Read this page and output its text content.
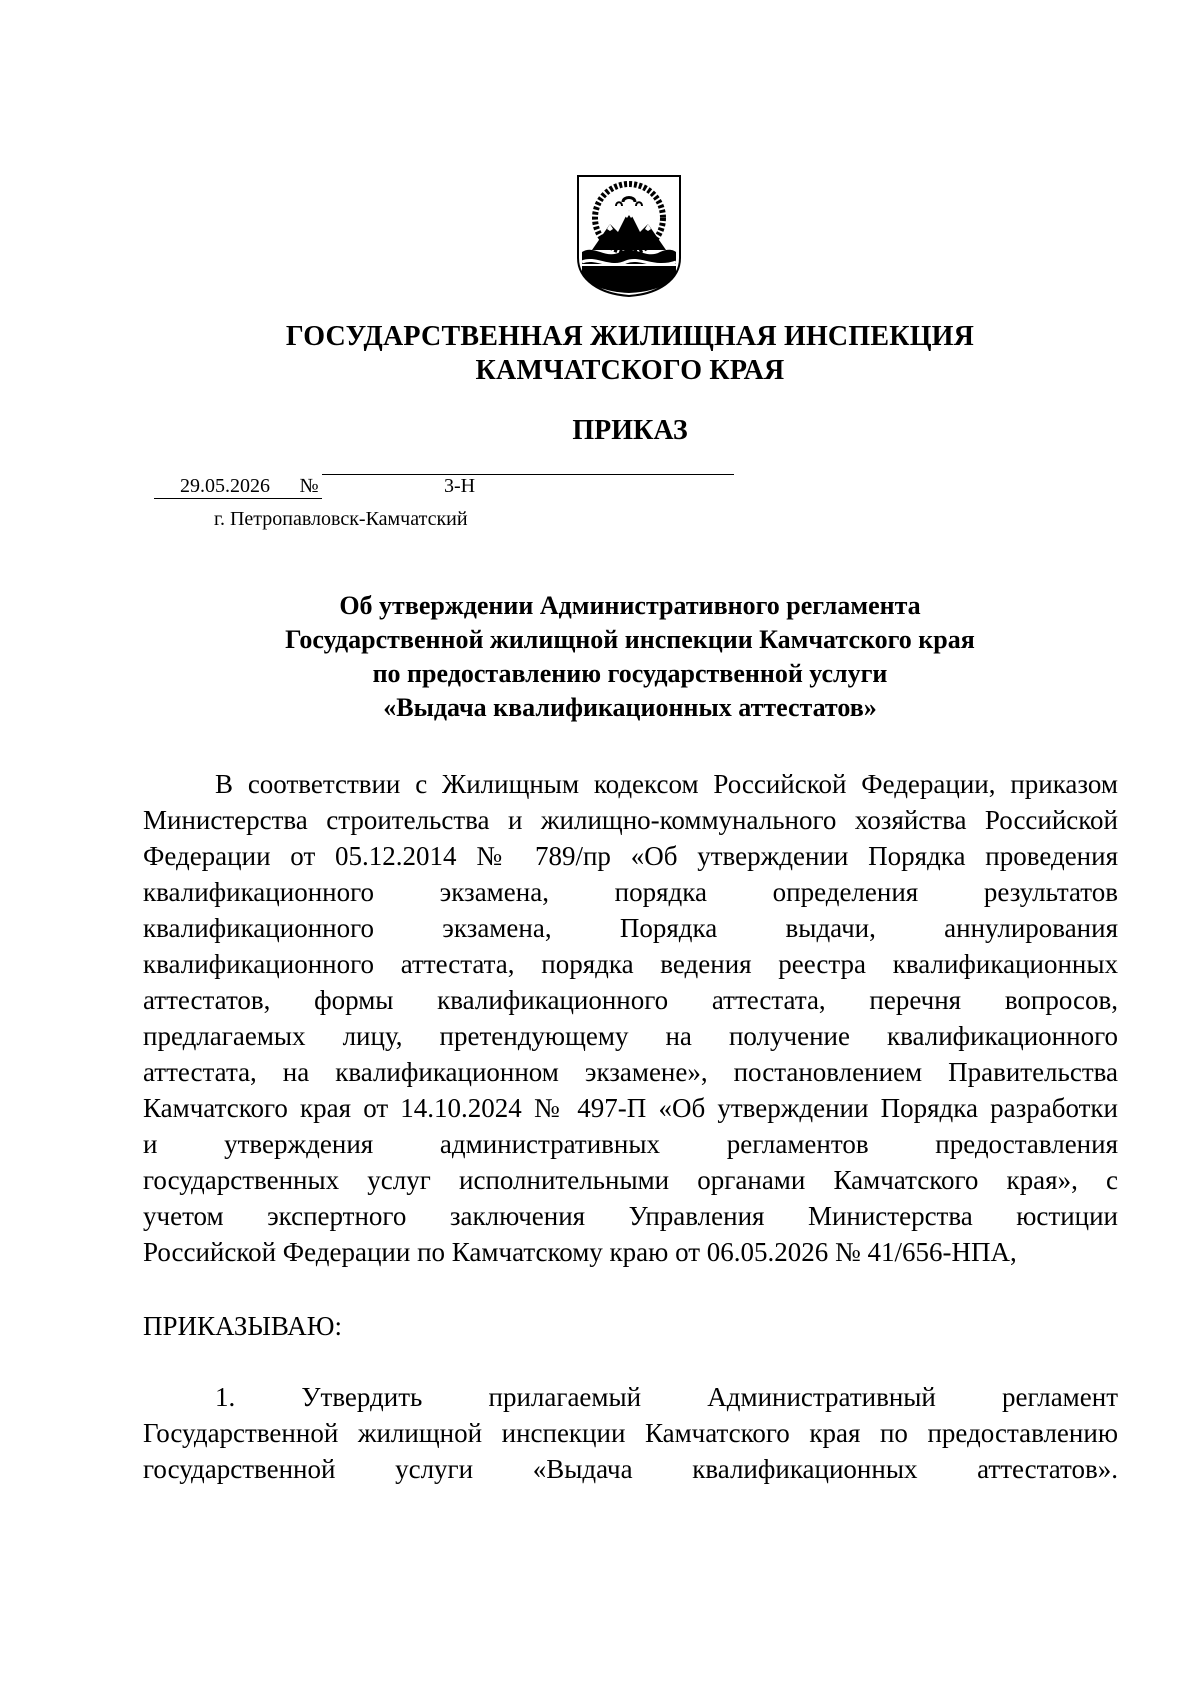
ГОСУДАРСТВЕННАЯ ЖИЛИЩНАЯ ИНСПЕКЦИЯ
КАМЧАТСКОГО КРАЯ
ПРИКАЗ
29.05.2026	№	3-Н
г. Петропавловск-Камчатский
Об утверждении Административного регламента
Государственной жилищной инспекции Камчатского края
по предоставлению государственной услуги
«Выдача квалификационных аттестатов»
В соответствии с Жилищным кодексом Российской Федерации, приказом
Министерства строительства и жилищно-коммунального хозяйства Российской
Федерации от 05.12.2014 № 789/пр «Об утверждении Порядка проведения
квалификационного экзамена, порядка определения результатов
квалификационного экзамена, Порядка выдачи, аннулирования
квалификационного аттестата, порядка ведения реестра квалификационных
аттестатов, формы квалификационного аттестата, перечня вопросов,
предлагаемых лицу, претендующему на получение квалификационного
аттестата, на квалификационном экзамене», постановлением Правительства
Камчатского края от 14.10.2024 № 497-П «Об утверждении Порядка разработки
и утверждения административных регламентов предоставления
государственных услуг исполнительными органами Камчатского края», с
учетом экспертного заключения Управления Министерства юстиции
Российской Федерации по Камчатскому краю от 06.05.2026 № 41/656-НПА,
ПРИКАЗЫВАЮ:
1. Утвердить прилагаемый Административный регламент
Государственной жилищной инспекции Камчатского края по предоставлению
государственной услуги «Выдача квалификационных аттестатов».
